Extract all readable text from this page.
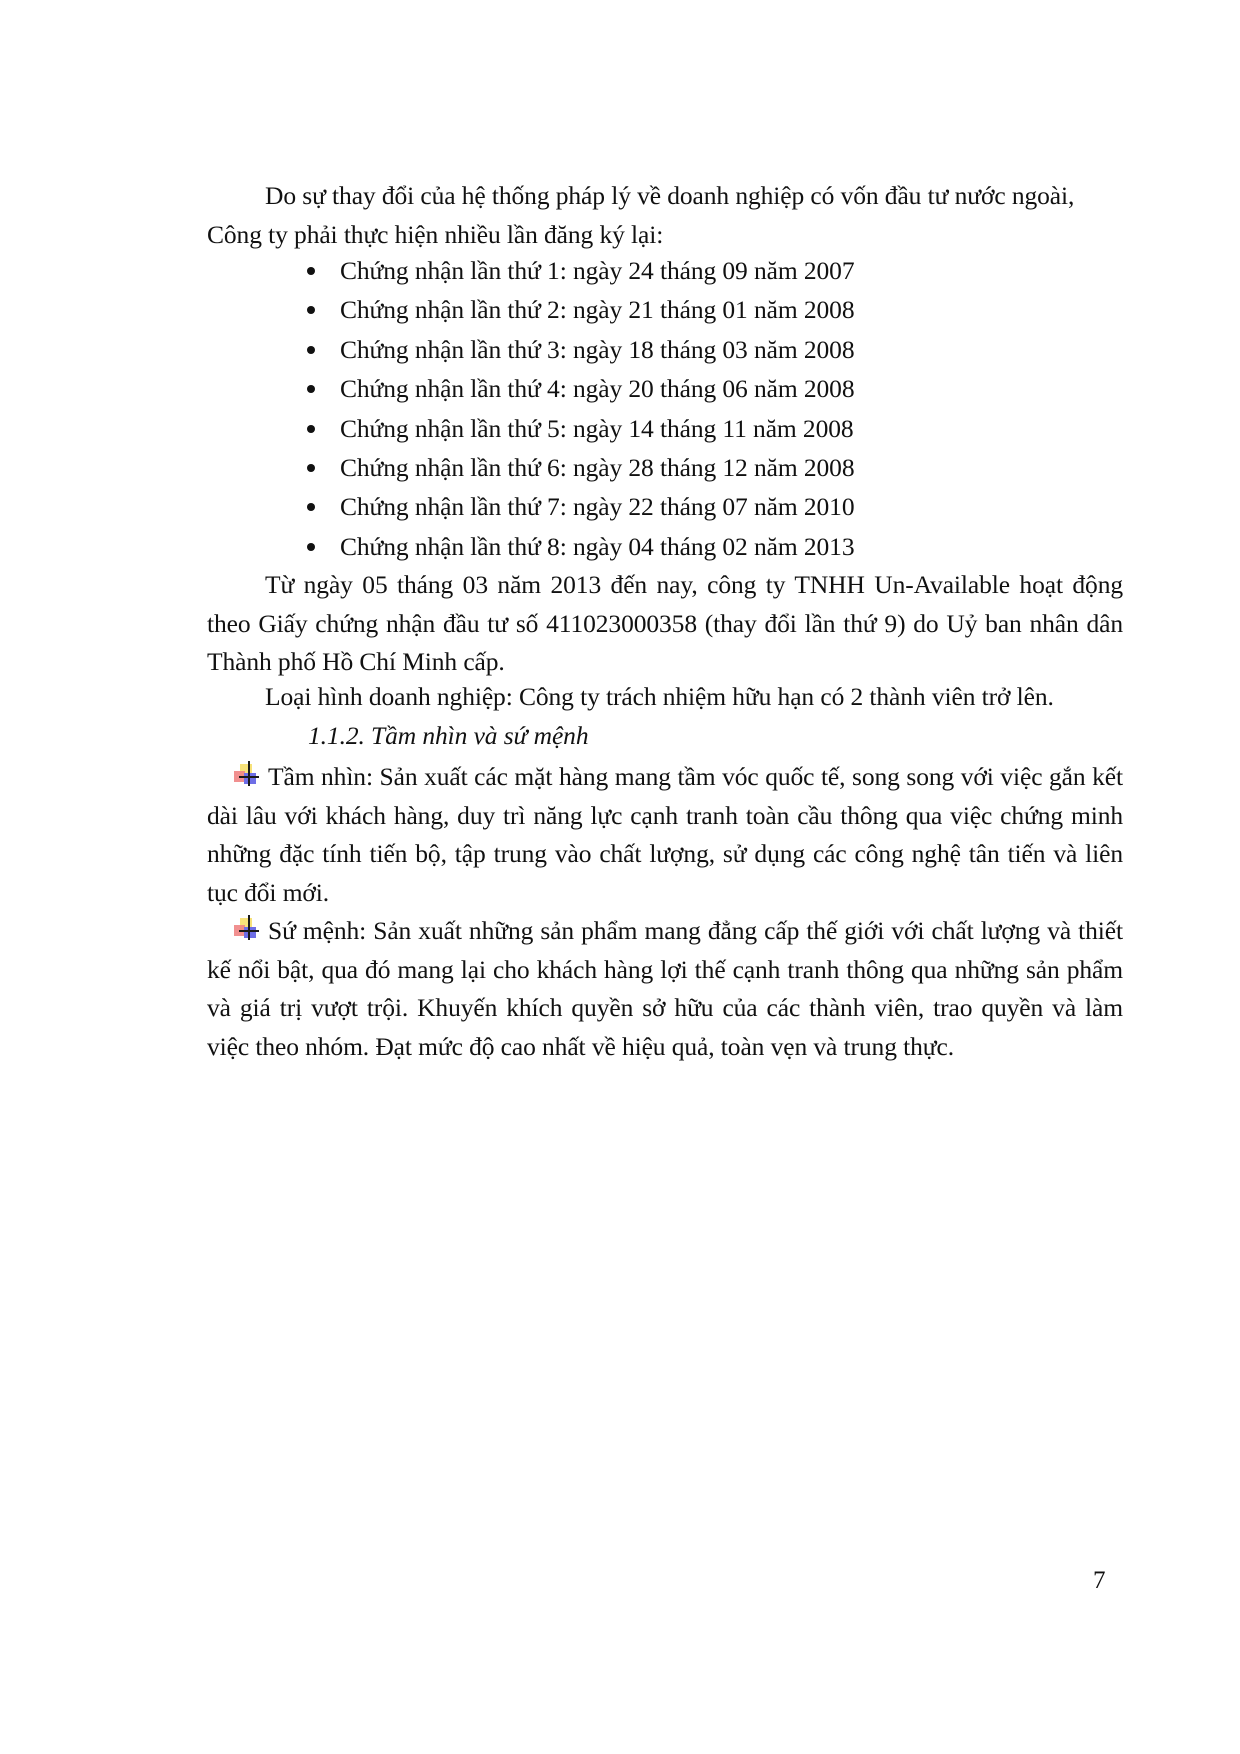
Do sự thay đổi của hệ thống pháp lý về doanh nghiệp có vốn đầu tư nước ngoài,

Công ty phải thực hiện nhiều lần đăng ký lại:

Chứng nhận lần thứ 1: ngày 24 tháng 09 năm 2007
Chứng nhận lần thứ 2: ngày 21 tháng 01 năm 2008
Chứng nhận lần thứ 3: ngày 18 tháng 03 năm 2008
Chứng nhận lần thứ 4: ngày 20 tháng 06 năm 2008
Chứng nhận lần thứ 5: ngày 14 tháng 11 năm 2008
Chứng nhận lần thứ 6: ngày 28 tháng 12 năm 2008
Chứng nhận lần thứ 7: ngày 22 tháng 07 năm 2010
Chứng nhận lần thứ 8: ngày 04 tháng 02 năm 2013

Từ ngày 05 tháng 03 năm 2013 đến nay, công ty TNHH Un-Available hoạt động theo Giấy chứng nhận đầu tư số 411023000358 (thay đổi lần thứ 9) do Uỷ ban nhân dân Thành phố Hồ Chí Minh cấp.

Loại hình doanh nghiệp: Công ty trách nhiệm hữu hạn có 2 thành viên trở lên.

1.1.2. Tầm nhìn và sứ mệnh

Tầm nhìn: Sản xuất các mặt hàng mang tầm vóc quốc tế, song song với việc gắn kết dài lâu với khách hàng, duy trì năng lực cạnh tranh toàn cầu thông qua việc chứng minh những đặc tính tiến bộ, tập trung vào chất lượng, sử dụng các công nghệ tân tiến và liên tục đổi mới.

Sứ mệnh: Sản xuất những sản phẩm mang đẳng cấp thế giới với chất lượng và thiết kế nổi bật, qua đó mang lại cho khách hàng lợi thế cạnh tranh thông qua những sản phẩm và giá trị vượt trội. Khuyến khích quyền sở hữu của các thành viên, trao quyền và làm việc theo nhóm. Đạt mức độ cao nhất về hiệu quả, toàn vẹn và trung thực.

7
